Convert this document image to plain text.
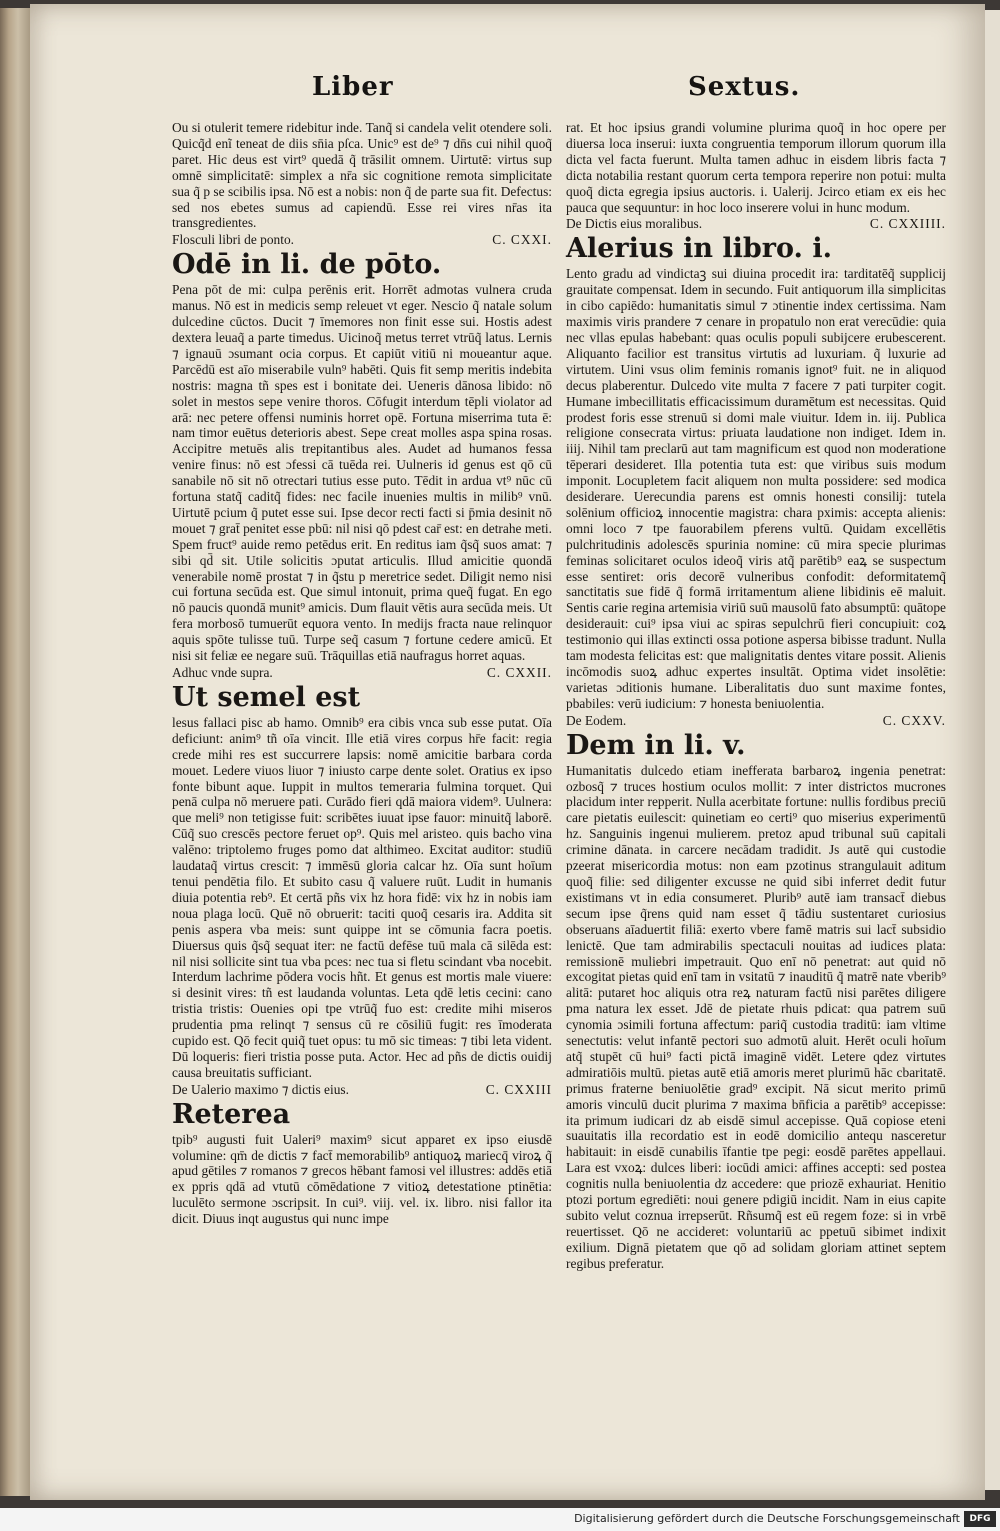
Liber	Sextus.

Ou si otulerit temere ridebitur inde. Tanq̃ si candela velit otendere soli. Quicq̃d enĩ teneat de diis sn̄ia pſca. Unic⁹ est de⁹ ⁊ dn̄s cui nihil quoq̃ paret. Hic deus est virt⁹ quedā q̃ trāsilit omnem. Uirtutē: virtus sup omnē simplicitatē: simplex a nr̄a sic cognitione remota simplicitate sua q̃ p se scibilis ipsa. Nō est a nobis: non q̃ de parte sua fit. Defectus: sed nos ebetes sumus ad capiendū. Esse rei vires nr̄as ita transgredientes.

Flosculi libri de ponto.	C. CXXI.
Odē in li. de pōto.

Pena pōt de mi: culpa perēnis erit. Horrēt admotas vulnera cruda manus. Nō est in medicis semp releuet vt eger. Nescio q̃ natale solum dulcedine cūctos. Ducit ⁊ īmemores non finit esse sui. Hostis adest dextera leuaq̃ a parte timedus. Uicinoq̃ metus terret vtrūq̃ latus. Lernis ⁊ ignauū ɔsumant ocia corpus. Et capiūt vitiū ni moueantur aque. Parcēdū est aīo miserabile vuln⁹ habēti. Quis fit semp meritis indebita nostris: magna tñ spes est i bonitate dei. Ueneris dānosa libido: nō solet in mestos sepe venire thoros. Cōfugit interdum tēpli violator ad arā: nec petere offensi numinis horret opē. Fortuna miserrima tuta ē: nam timor euētus deterioris abest. Sepe creat molles aspa spina rosas. Accipitre metuēs alis trepitantibus ales. Audet ad humanos fessa venire finus: nō est ɔfessi cā tuēda rei. Uulneris id genus est qō cū sanabile nō sit nō otrectari tutius esse puto. Tēdit in ardua vt⁹ nūc cū fortuna statq̃ caditq̃ fides: nec facile inuenies multis in milib⁹ vnū. Uirtutē pcium q̃ putet esse sui. Ipse decor recti facti si p̄mia desinit nō mouet ⁊ grat̄ penitet esse pbū: nil nisi qō pdest car̄ est: en detrahe meti. Spem fruct⁹ auide remo petēdus erit. En reditus iam q̃sq̃ suos amat: ⁊ sibi qd̄ sit. Utile solicitis ɔputat articulis. Illud amicitie quondā venerabile nomē prostat ⁊ in q̃stu p meretrice sedet. Diligit nemo nisi cui fortuna secūda est. Que simul intonuit, prima queq̃ fugat. En ego nō paucis quondā munit⁹ amicis. Dum flauit vētis aura secūda meis. Ut fera morbosō tumuerūt equora vento. In medijs fracta naue relinquor aquis spōte tulisse tuū. Turpe seq̃ casum ⁊ fortune cedere amicū. Et nisi sit feliæ ee negare suū. Trāquillas etiā naufragus horret aquas.

Adhuc vnde supra.	C. CXXII.
Ut semel est

lesus fallaci pisc ab hamo. Omnib⁹ era cibis vnca sub esse putat. Oīa deficiunt: anim⁹ tñ oīa vincit. Ille etiā vires corpus hr̄e facit: regia crede mihi res est succurrere lapsis: nomē amicitie barbara corda mouet. Ledere viuos liuor ⁊ iniusto carpe dente solet. Oratius ex ipso fonte bibunt aque. Iuppit in multos temeraria fulmina torquet. Qui penā culpa nō meruere pati. Curādo fieri qdā maiora videm⁹. Uulnera: que meli⁹ non tetigisse fuit: scribētes iuuat ipse fauor: minuitq̃ laborē. Cūq̃ suo crescēs pectore feruet op⁹. Quis mel aristeo. quis bacho vina valēno: triptolemo fruges pomo dat althimeo. Excitat auditor: studiū laudataq̃ virtus crescit: ⁊ immēsū gloria calcar hz. Oīa sunt hoīum tenui pendētia filo. Et subito casu q̃ valuere ruūt. Ludit in humanis diuia potentia reb⁹. Et certā pñs vix hz hora fidē: vix hz in nobis iam noua plaga locū. Quē nō obruerit: taciti quoq̃ cesaris ira. Addita sit penis aspera vba meis: sunt quippe int se cōmunia facra poetis. Diuersus quis q̃sq̃ sequat iter: ne factū defēse tuū mala cā silēda est: nil nisi sollicite sint tua vba pces: nec tua si fletu scindant vba nocebit. Interdum lachrime pōdera vocis hñt. Et genus est mortis male viuere: si desinit vires: tñ est laudanda voluntas. Leta qdē letis cecini: cano tristia tristis: Ouenies opi tpe vtrūq̃ fuo est: credite mihi miseros prudentia pma relinqt ⁊ sensus cū re cōsiliū fugit: res īmoderata cupido est. Qō fecit quiq̃ tuet opus: tu mō sic timeas: ⁊ tibi leta vident. Dū loqueris: fieri tristia posse puta. Actor. Hec ad pñs de dictis ouidij causa breuitatis sufficiant.

De Ualerio maximo ⁊ dictis eius.	C. CXXIII
Reterea

tpib⁹ augusti fuit Ualeri⁹ maxim⁹ sicut apparet ex ipso eiusdē volumine: qm̄ de dictis ⁊ fact̄ memorabilib⁹ antiquoꝝ mariecq̄ viroꝝ q̃ apud gētiles ⁊ romanos ⁊ grecos hēbant famosi vel illustres: addēs etiā ex ppris qdā ad vtutū cōmēdatione ⁊ vitioꝝ detestatione ptinētia: luculēto sermone ɔscripsit. In cui⁹. viij. vel. ix. libro. nisi fallor ita dicit. Diuus inqt augustus qui nunc impe

rat. Et hoc ipsius grandi volumine plurima quoq̃ in hoc opere per diuersa loca inserui: iuxta congruentia temporum illorum quorum illa dicta vel facta fuerunt. Multa tamen adhuc in eisdem libris facta ⁊ dicta notabilia restant quorum certa tempora reperire non potui: multa quoq̃ dicta egregia ipsius auctoris. i. Ualerij. Jcirco etiam ex eis hec pauca que sequuntur: in hoc loco inserere volui in hunc modum.

De Dictis eius moralibus.	C. CXXIIII.
Alerius in libro. i.

Lento gradu ad vindictaꝫ sui diuina procedit ira: tarditatēq̃ supplicij grauitate compensat. Idem in secundo. Fuit antiquorum illa simplicitas in cibo capiēdo: humanitatis simul ⁊ ɔtinentie index certissima. Nam maximis viris prandere ⁊ cenare in propatulo non erat verecūdie: quia nec vllas epulas habebant: quas oculis populi subijcere erubescerent. Aliquanto facilior est transitus virtutis ad luxuriam. q̃ luxurie ad virtutem. Uini vsus olim feminis romanis ignot⁹ fuit. ne in aliquod decus plaberentur. Dulcedo vite multa ⁊ facere ⁊ pati turpiter cogit. Humane imbecillitatis efficacissimum duramētum est necessitas. Quid prodest foris esse strenuū si domi male viuitur. Idem in. iij. Publica religione consecrata virtus: priuata laudatione non indiget. Idem in. iiij. Nihil tam preclarū aut tam magnificum est quod non moderatione tēperari desideret. Illa potentia tuta est: que viribus suis modum imponit. Locupletem facit aliquem non multa possidere: sed modica desiderare. Uerecundia parens est omnis honesti consilij: tutela solēnium officioꝝ innocentie magistra: chara pximis: accepta alienis: omni loco ⁊ tpe fauorabilem pferens vultū. Quidam excellētis pulchritudinis adolescēs spurinia nomine: cū mira specie plurimas feminas solicitaret oculos ideoq̃ viris atq̃ parētib⁹ eaꝝ se suspectum esse sentiret: oris decorē vulneribus confodit: deformitatemq̃ sanctitatis sue fidē q̃ formā irritamentum aliene libidinis eē maluit. Sentis carie regina artemisia viriū suū mausolū fato absumptū: quātope desiderauit: cui⁹ ipsa viui ac spiras sepulchrū fieri concupiuit: coꝝ testimonio qui illas extincti ossa potione aspersa bibisse tradunt. Nulla tam modesta felicitas est: que malignitatis dentes vitare possit. Alienis incōmodis suoꝝ adhuc expertes insultāt. Optima videt insolētie: varietas ɔditionis humane. Liberalitatis duo sunt maxime fontes, pbabiles: verū iudicium: ⁊ honesta beniuolentia.

De Eodem.	C. CXXV.
Dem in li. v.

Humanitatis dulcedo etiam inefferata barbaroꝝ ingenia penetrat: ozbosq̃ ⁊ truces hostium oculos mollit: ⁊ inter districtos mucrones placidum inter repperit. Nulla acerbitate fortune: nullis fordibus preciū care pietatis euilescit: quinetiam eo certi⁹ quo miserius experimentū hz. Sanguinis ingenui mulierem. pretoz apud tribunal suū capitali crimine dānata. in carcere necādam tradidit. Js autē qui custodie pzeerat misericordia motus: non eam pzotinus strangulauit aditum quoq̃ filie: sed diligenter excusse ne quid sibi inferret dedit futur existimans vt in edia consumeret. Plurib⁹ autē iam transact̄ diebus secum ipse q̃rens quid nam esset q̃ tādiu sustentaret curiosius obseruans aīaduertit filiā: exerto vbere famē matris sui lact̄ subsidio lenictē. Que tam admirabilis spectaculi nouitas ad iudices plata: remissionē muliebri impetrauit. Quo enī nō penetrat: aut quid nō excogitat pietas quid enī tam in vsitatū ⁊ inauditū q̃ matrē nate vberib⁹ alitā: putaret hoc aliquis otra reꝝ naturam factū nisi parētes diligere pma natura lex esset. Jdē de pietate rhuis pdicat: qua patrem suū cynomia ɔsimili fortuna affectum: pariq̃ custodia traditū: iam vltime senectutis: velut infantē pectori suo admotū aluit. Herēt oculi hoīum atq̃ stupēt cū hui⁹ facti pictā imaginē vidēt. Letere qdez virtutes admiratiōis multū. pietas autē etiā amoris meret plurimū hāc cbaritatē. primus fraterne beniuolētie grad⁹ excipit. Nā sicut merito primū amoris vinculū ducit plurima ⁊ maxima bn̄ficia a parētib⁹ accepisse: ita primum iudicari dz ab eisdē simul accepisse. Quā copiose eteni suauitatis illa recordatio est in eodē domicilio antequ nasceretur habitauit: in eisdē cunabilis īfantie tpe pegi: eosdē parētes appellaui. Lara est vxoꝝ: dulces liberi: iocūdi amici: affines accepti: sed postea cognitis nulla beniuolentia dz accedere: que priozē exhauriat. Henitio ptozi portum egrediēti: noui genere pdigiū incidit. Nam in eius capite subito velut coznua irrepserūt. Rñsumq̃ est eū regem foze: si in vrbē reuertisset. Qō ne accideret: voluntariū ac ppetuū sibimet indixit exilium. Dignā pietatem que qō ad solidam gloriam attinet septem regibus preferatur.

Digitalisierung gefördert durch die Deutsche Forschungsgemeinschaft	DFG
